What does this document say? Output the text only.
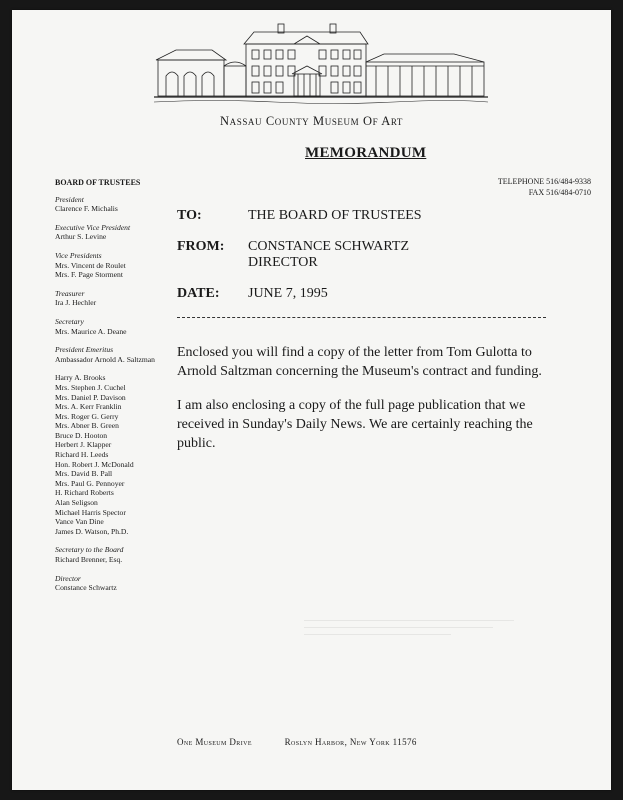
Nassau County Museum Of Art
MEMORANDUM
TELEPHONE 516/484-9338
FAX 516/484-0710
BOARD OF TRUSTEES
President
Clarence F. Michalis
Executive Vice President
Arthur S. Levine
Vice Presidents
Mrs. Vincent de Roulet
Mrs. F. Page Storment
Treasurer
Ira J. Hechler
Secretary
Mrs. Maurice A. Deane
President Emeritus
Ambassador Arnold A. Saltzman
Harry A. Brooks
Mrs. Stephen J. Cuchel
Mrs. Daniel P. Davison
Mrs. A. Kerr Franklin
Mrs. Roger G. Gerry
Mrs. Abner B. Green
Bruce D. Hooton
Herbert J. Klapper
Richard H. Leeds
Hon. Robert J. McDonald
Mrs. David B. Pall
Mrs. Paul G. Pennoyer
H. Richard Roberts
Alan Seligson
Michael Harris Spector
Vance Van Dine
James D. Watson, Ph.D.
Secretary to the Board
Richard Brenner, Esq.
Director
Constance Schwartz
TO:	THE BOARD OF TRUSTEES
FROM:	CONSTANCE SCHWARTZ
DIRECTOR
DATE:	JUNE 7, 1995
Enclosed you will find a copy of the letter from Tom Gulotta to Arnold Saltzman concerning the Museum's contract and funding.
I am also enclosing a copy of the full page publication that we received in Sunday's Daily News. We are certainly reaching the public.
One Museum Drive	Roslyn Harbor, New York 11576
